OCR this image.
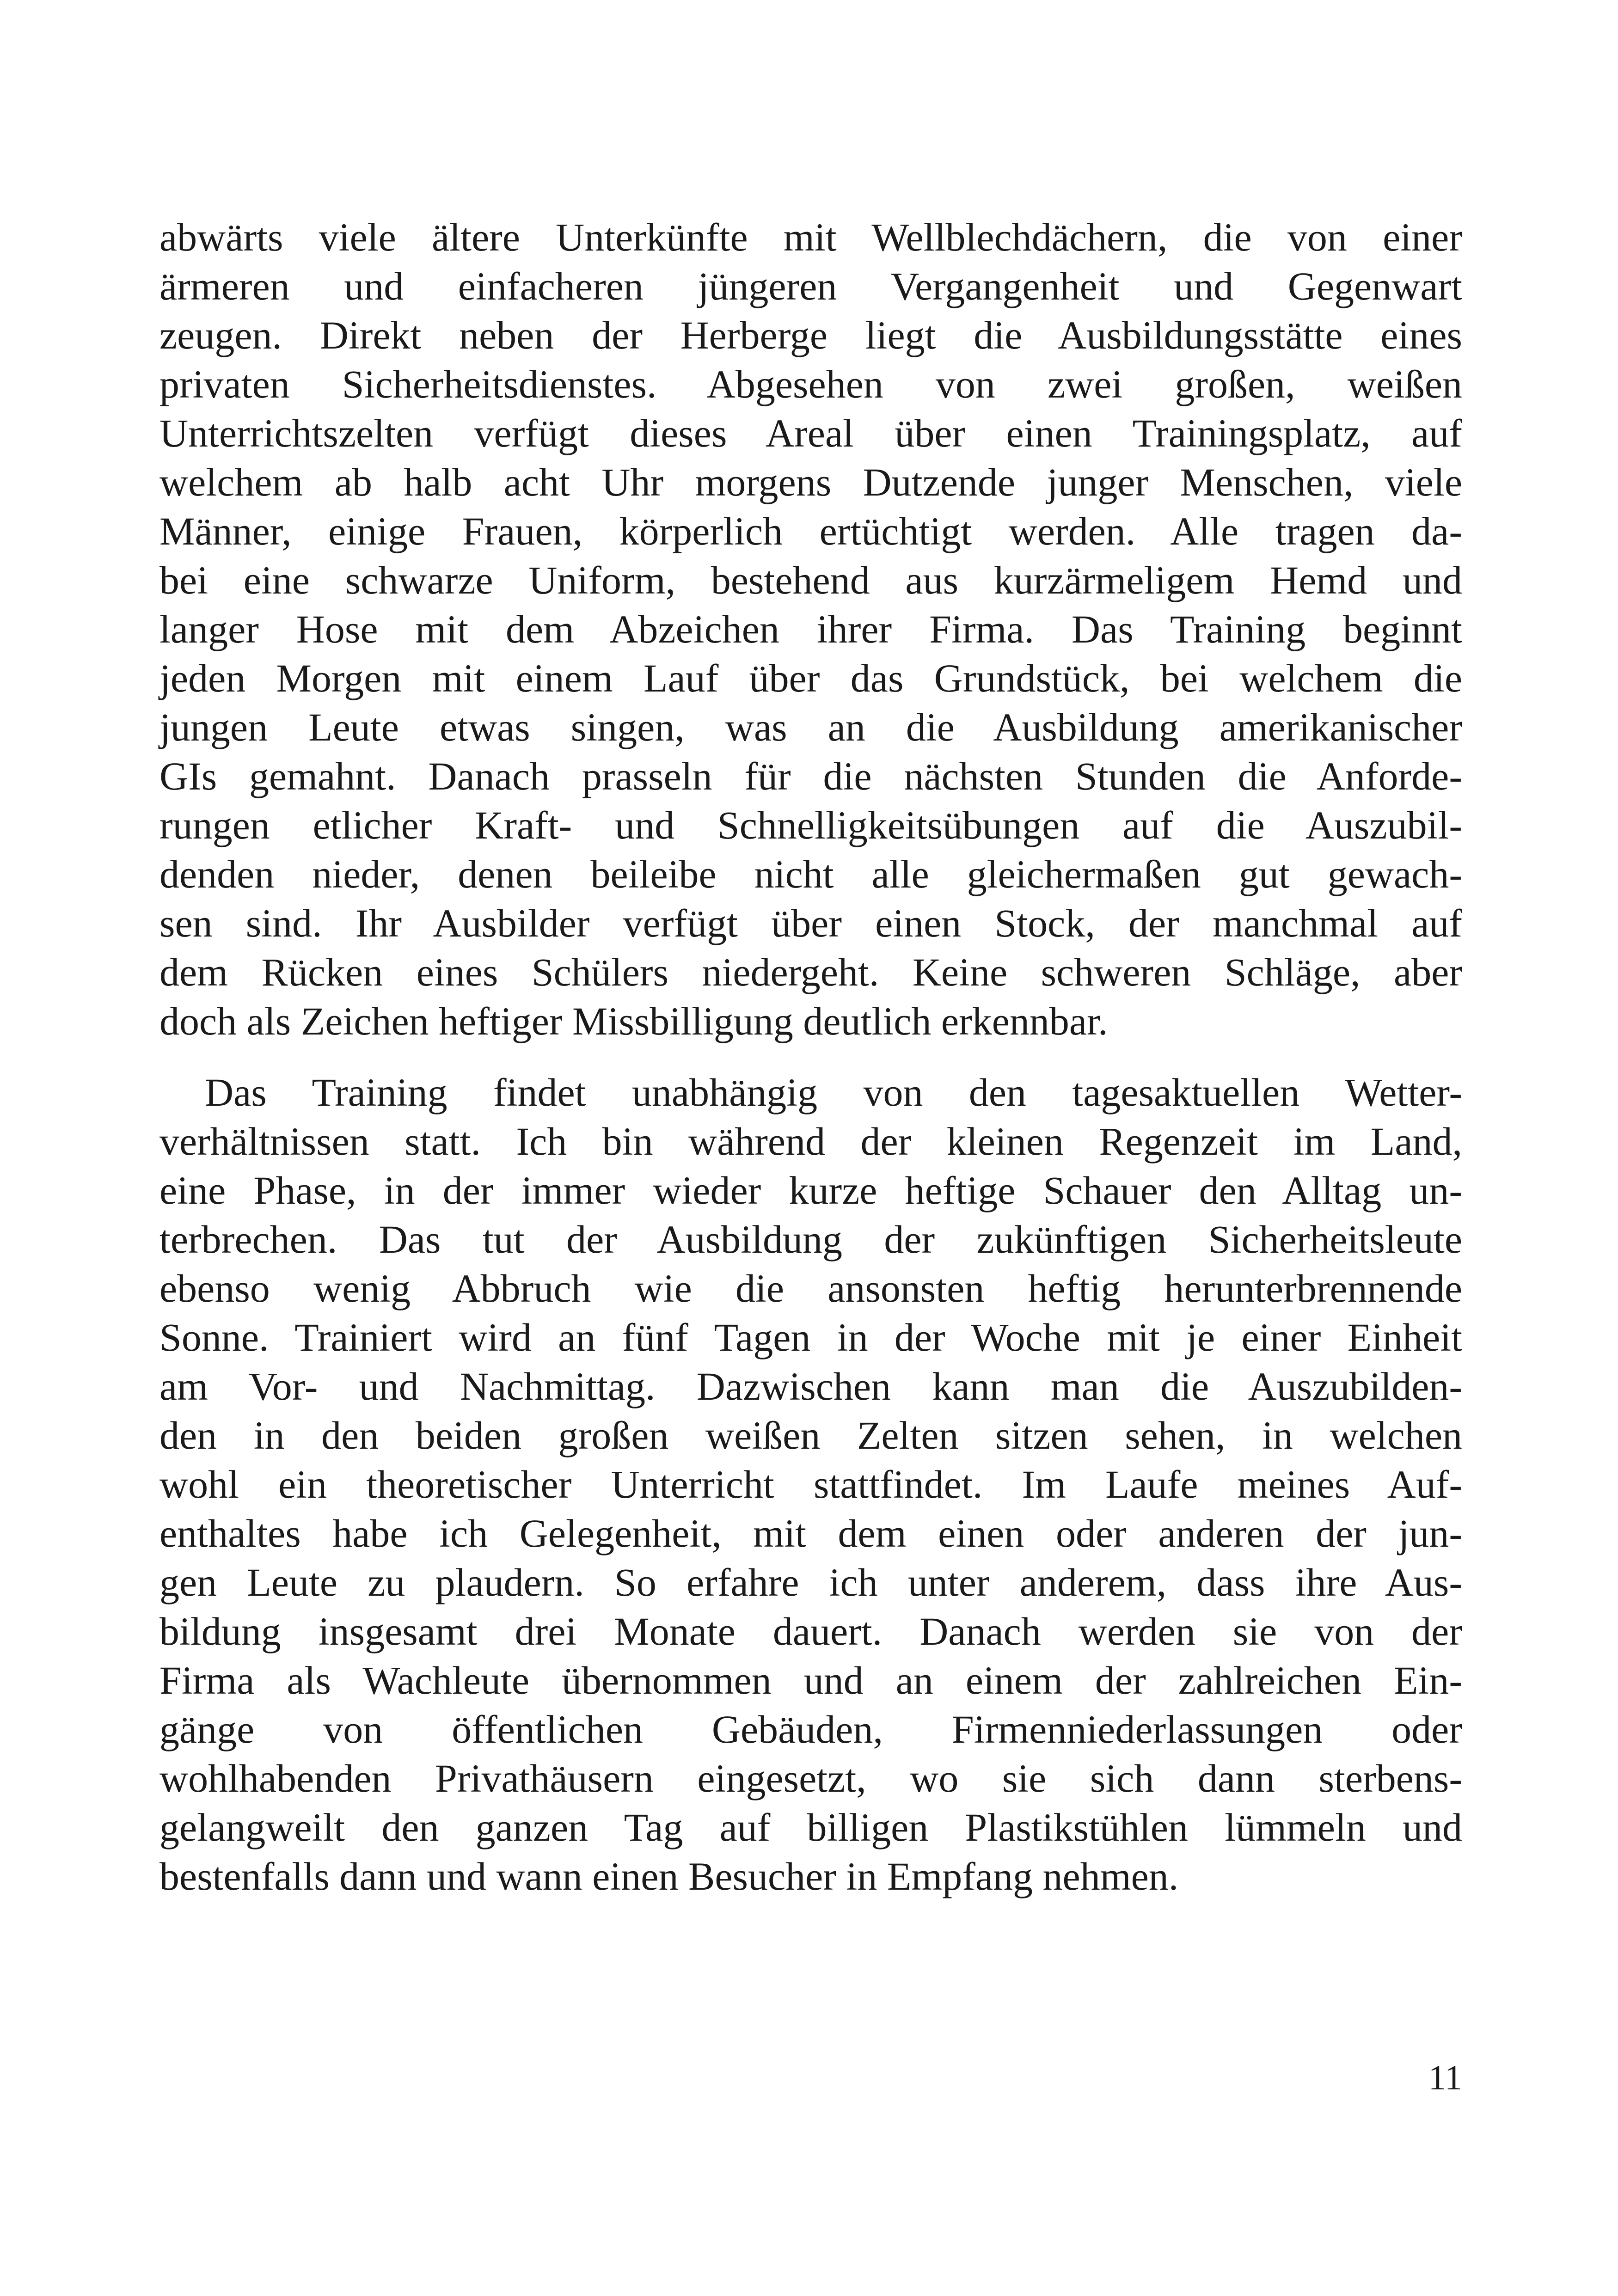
abwärts viele ältere Unterkünfte mit Wellblechdächern, die von einer
ärmeren und einfacheren jüngeren Vergangenheit und Gegenwart
zeugen. Direkt neben der Herberge liegt die Ausbildungsstätte eines
privaten Sicherheitsdienstes. Abgesehen von zwei großen, weißen
Unterrichtszelten verfügt dieses Areal über einen Trainingsplatz, auf
welchem ab halb acht Uhr morgens Dutzende junger Menschen, viele
Männer, einige Frauen, körperlich ertüchtigt werden. Alle tragen da-
bei eine schwarze Uniform, bestehend aus kurzärmeligem Hemd und
langer Hose mit dem Abzeichen ihrer Firma. Das Training beginnt
jeden Morgen mit einem Lauf über das Grundstück, bei welchem die
jungen Leute etwas singen, was an die Ausbildung amerikanischer
GIs gemahnt. Danach prasseln für die nächsten Stunden die Anforde-
rungen etlicher Kraft- und Schnelligkeitsübungen auf die Auszubil-
denden nieder, denen beileibe nicht alle gleichermaßen gut gewach-
sen sind. Ihr Ausbilder verfügt über einen Stock, der manchmal auf
dem Rücken eines Schülers niedergeht. Keine schweren Schläge, aber
doch als Zeichen heftiger Missbilligung deutlich erkennbar.
Das Training findet unabhängig von den tagesaktuellen Wetter-
verhältnissen statt. Ich bin während der kleinen Regenzeit im Land,
eine Phase, in der immer wieder kurze heftige Schauer den Alltag un-
terbrechen. Das tut der Ausbildung der zukünftigen Sicherheitsleute
ebenso wenig Abbruch wie die ansonsten heftig herunterbrennende
Sonne. Trainiert wird an fünf Tagen in der Woche mit je einer Einheit
am Vor- und Nachmittag. Dazwischen kann man die Auszubilden-
den in den beiden großen weißen Zelten sitzen sehen, in welchen
wohl ein theoretischer Unterricht stattfindet. Im Laufe meines Auf-
enthaltes habe ich Gelegenheit, mit dem einen oder anderen der jun-
gen Leute zu plaudern. So erfahre ich unter anderem, dass ihre Aus-
bildung insgesamt drei Monate dauert. Danach werden sie von der
Firma als Wachleute übernommen und an einem der zahlreichen Ein-
gänge von öffentlichen Gebäuden, Firmenniederlassungen oder
wohlhabenden Privathäusern eingesetzt, wo sie sich dann sterbens-
gelangweilt den ganzen Tag auf billigen Plastikstühlen lümmeln und
bestenfalls dann und wann einen Besucher in Empfang nehmen.
11
